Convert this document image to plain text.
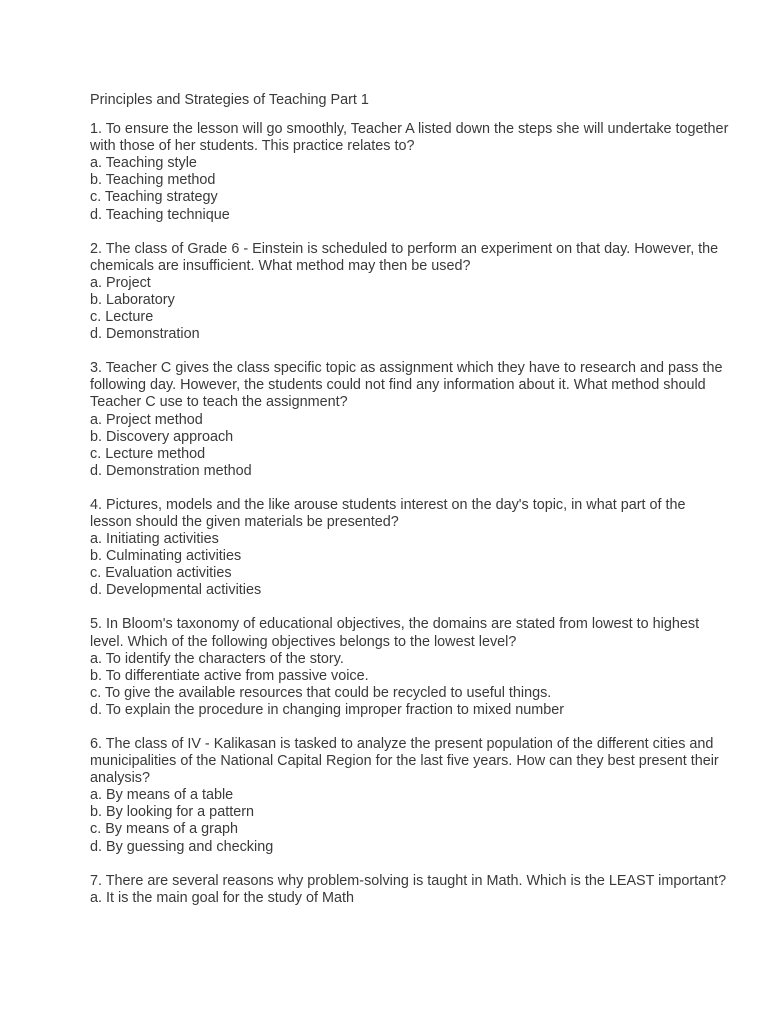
Principles and Strategies of Teaching Part 1
1. To ensure the lesson will go smoothly, Teacher A listed down the steps she will undertake together with those of her students. This practice relates to?
a. Teaching style
b. Teaching method
c. Teaching strategy
d. Teaching technique
2. The class of Grade 6 - Einstein is scheduled to perform an experiment on that day. However, the chemicals are insufficient. What method may then be used?
a. Project
b. Laboratory
c. Lecture
d. Demonstration
3. Teacher C gives the class specific topic as assignment which they have to research and pass the following day. However, the students could not find any information about it. What method should Teacher C use to teach the assignment?
a. Project method
b. Discovery approach
c. Lecture method
d. Demonstration method
4. Pictures, models and the like arouse students interest on the day's topic, in what part of the lesson should the given materials be presented?
a. Initiating activities
b. Culminating activities
c. Evaluation activities
d. Developmental activities
5. In Bloom's taxonomy of educational objectives, the domains are stated from lowest to highest level. Which of the following objectives belongs to the lowest level?
a. To identify the characters of the story.
b. To differentiate active from passive voice.
c. To give the available resources that could be recycled to useful things.
d. To explain the procedure in changing improper fraction to mixed number
6. The class of IV - Kalikasan is tasked to analyze the present population of the different cities and municipalities of the National Capital Region for the last five years. How can they best present their analysis?
a. By means of a table
b. By looking for a pattern
c. By means of a graph
d. By guessing and checking
7. There are several reasons why problem-solving is taught in Math. Which is the LEAST important?
a. It is the main goal for the study of Math
